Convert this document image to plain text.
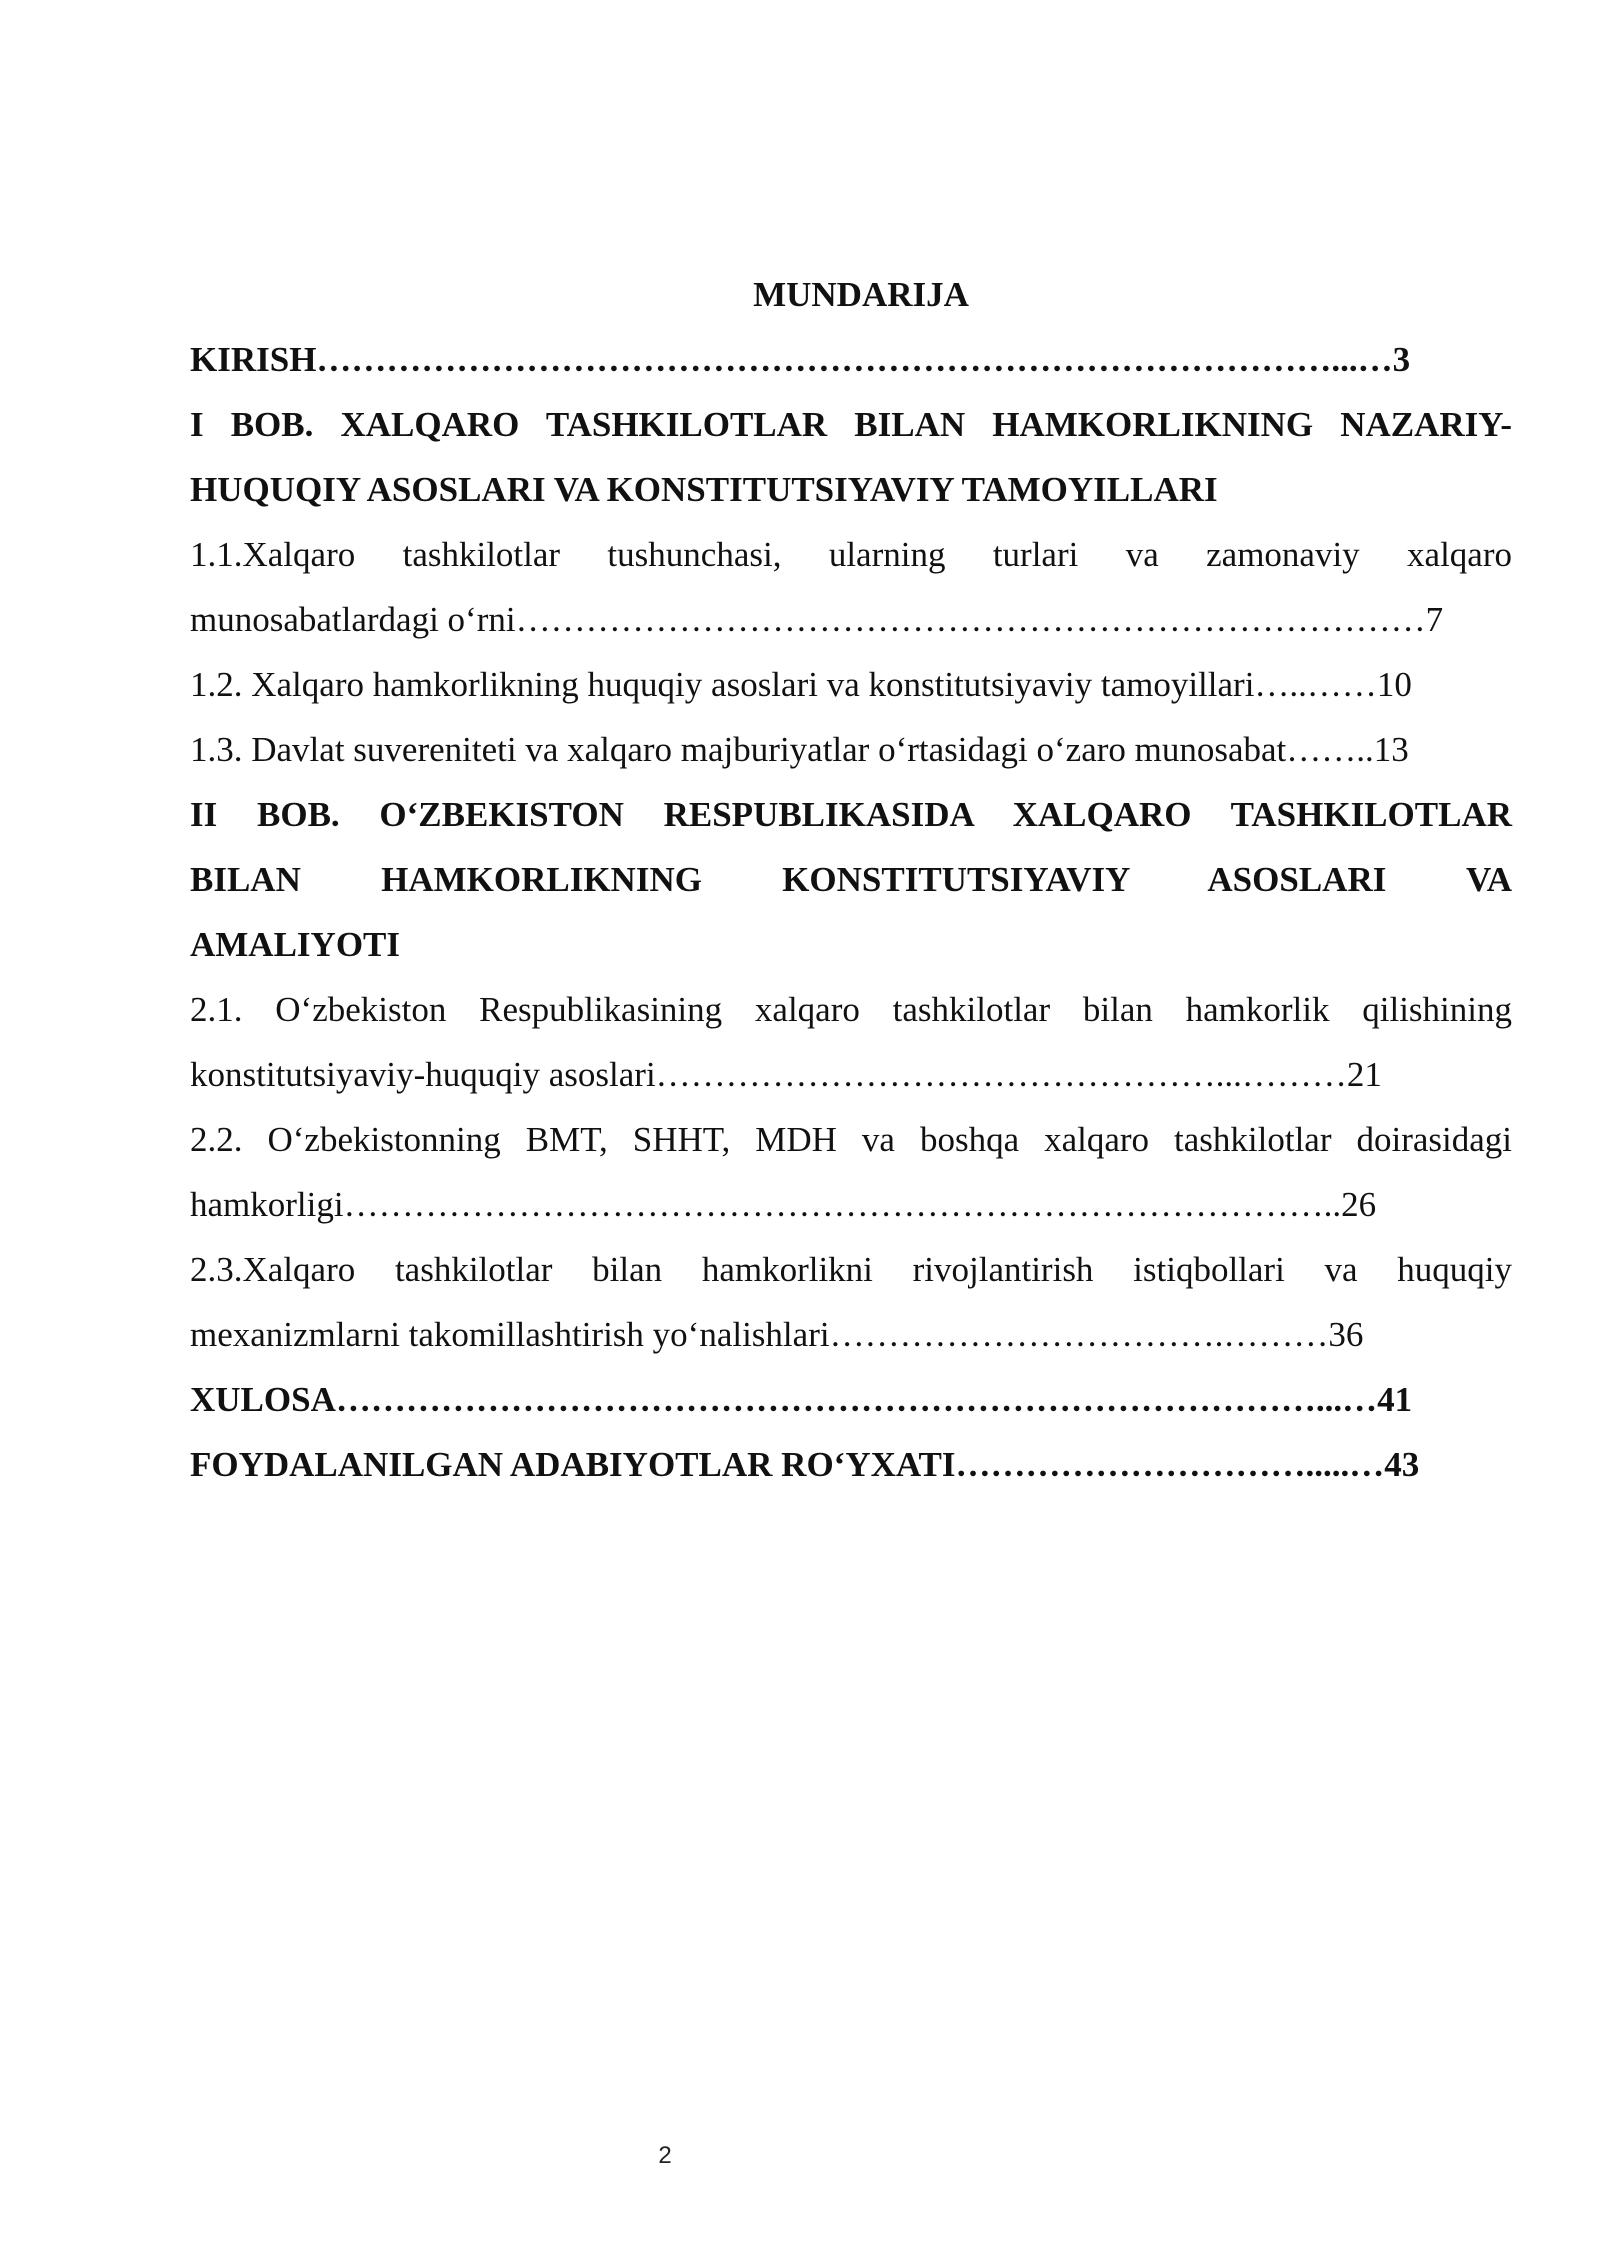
MUNDARIJA

KIRISH……………………………………………………………………………...…3
I BOB. XALQARO TASHKILOTLAR BILAN HAMKORLIKNING NAZARIY-
HUQUQIY ASOSLARI VA KONSTITUTSIYAVIY TAMOYILLARI
1.1.Xalqaro tashkilotlar tushunchasi, ularning turlari va zamonaviy xalqaro
munosabatlardagi o‘rni……………………………………………………………………7
1.2. Xalqaro hamkorlikning huquqiy asoslari va konstitutsiyaviy tamoyillari…..……10
1.3. Davlat suvereniteti va xalqaro majburiyatlar o‘rtasidagi o‘zaro munosabat……..13
II BOB. O‘ZBEKISTON RESPUBLIKASIDA XALQARO TASHKILOTLAR
BILAN HAMKORLIKNING KONSTITUTSIYAVIY ASOSLARI VA
AMALIYOTI
2.1. O‘zbekiston Respublikasining xalqaro tashkilotlar bilan hamkorlik qilishining
konstitutsiyaviy-huquqiy asoslari…………………………………………...………21
2.2. O‘zbekistonning BMT, SHHT, MDH va boshqa xalqaro tashkilotlar doirasidagi
hamkorligi…………………………………………………………………………..26
2.3.Xalqaro tashkilotlar bilan hamkorlikni rivojlantirish istiqbollari va huquqiy
mexanizmlarni takomillashtirish yo‘nalishlari…………………………….………36
XULOSA…………………………………………………………………………...…41
FOYDALANILGAN ADABIYOTLAR RO‘YXATI………………………….....…43
2
